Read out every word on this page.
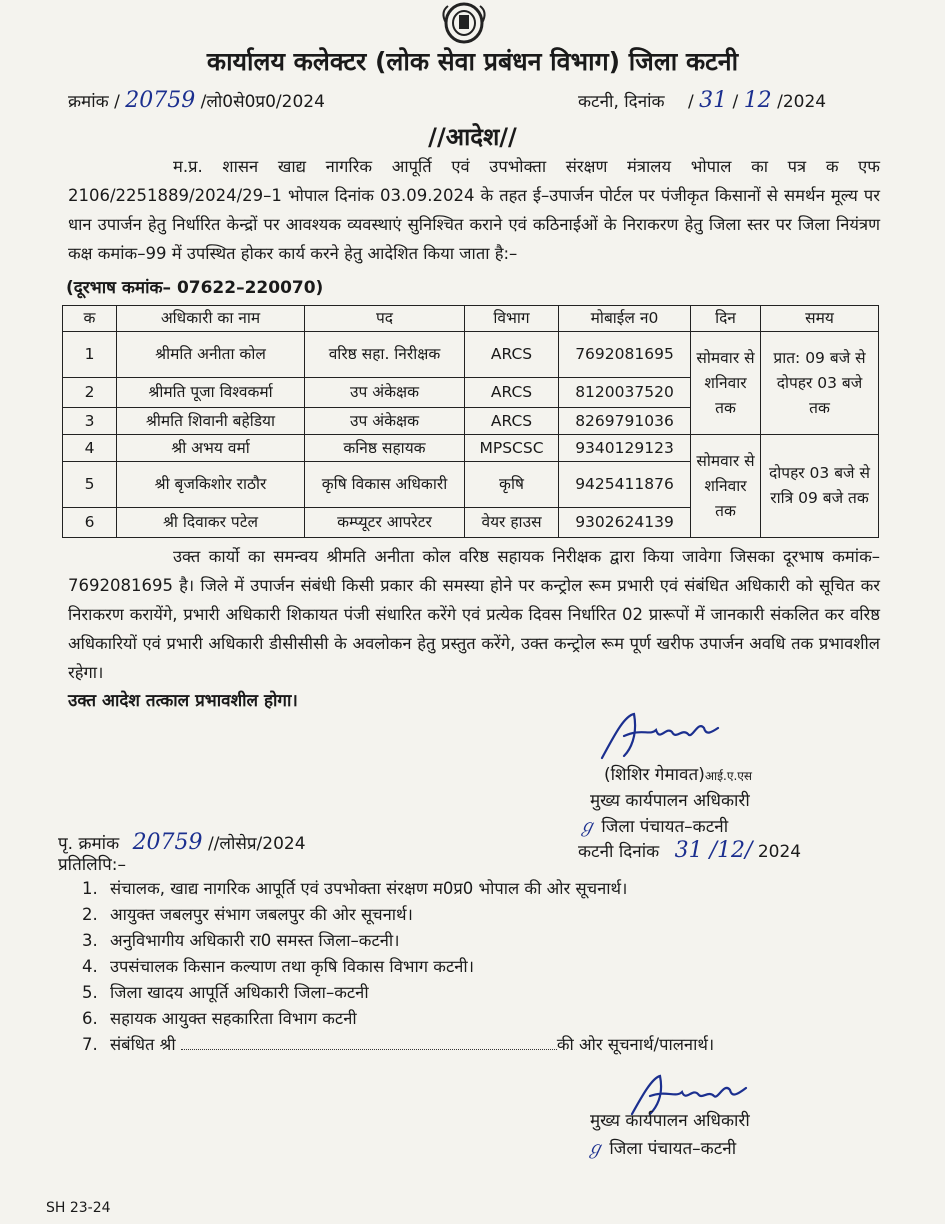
कार्यालय कलेक्टर (लोक सेवा प्रबंधन विभाग) जिला कटनी
क्रमांक / 20759 /लो0से0प्र0/2024	कटनी, दिनांक / 31 / 12 /2024
//आदेश//

म.प्र. शासन खाद्य नागरिक आपूर्ति एवं उपभोक्ता संरक्षण मंत्रालय भोपाल का पत्र क एफ 2106/2251889/2024/29–1 भोपाल दिनांक 03.09.2024 के तहत ई–उपार्जन पोर्टल पर पंजीकृत किसानों से समर्थन मूल्य पर धान उपार्जन हेतु निर्धारित केन्द्रों पर आवश्यक व्यवस्थाएं सुनिश्चित कराने एवं कठिनाईओं के निराकरण हेतु जिला स्तर पर जिला नियंत्रण कक्ष कमांक–99 में उपस्थित होकर कार्य करने हेतु आदेशित किया जाता है:–

(दूरभाष कमांक– 07622–220070)
क	अधिकारी का नाम	पद	विभाग	मोबाईल न0	दिन	समय
1	श्रीमति अनीता कोल	वरिष्ठ सहा. निरीक्षक	ARCS	7692081695	सोमवार से शनिवार तक	प्रात: 09 बजे से दोपहर 03 बजे तक
2	श्रीमति पूजा विश्वकर्मा	उप अंकेक्षक	ARCS	8120037520		
3	श्रीमति शिवानी बहेडिया	उप अंकेक्षक	ARCS	8269791036		
4	श्री अभय वर्मा	कनिष्ठ सहायक	MPSCSC	9340129123	सोमवार से शनिवार तक	दोपहर 03 बजे से रात्रि 09 बजे तक
5	श्री बृजकिशोर राठौर	कृषि विकास अधिकारी	कृषि	9425411876		
6	श्री दिवाकर पटेल	कम्प्यूटर आपरेटर	वेयर हाउस	9302624139		

उक्त कार्यो का समन्वय श्रीमति अनीता कोल वरिष्ठ सहायक निरीक्षक द्वारा किया जावेगा जिसका दूरभाष कमांक–7692081695 है। जिले में उपार्जन संबंधी किसी प्रकार की समस्या होने पर कन्ट्रोल रूम प्रभारी एवं संबंधित अधिकारी को सूचित कर निराकरण करायेंगे, प्रभारी अधिकारी शिकायत पंजी संधारित करेंगे एवं प्रत्येक दिवस निर्धारित 02 प्रारूपों में जानकारी संकलित कर वरिष्ठ अधिकारियों एवं प्रभारी अधिकारी डीसीसीसी के अवलोकन हेतु प्रस्तुत करेंगे, उक्त कन्ट्रोल रूम पूर्ण खरीफ उपार्जन अवधि तक प्रभावशील रहेगा।

उक्त आदेश तत्काल प्रभावशील होगा।
(शिशिर गेमावत)आई.ए.एस
मुख्य कार्यपालन अधिकारी
ℊ जिला पंचायत–कटनी
पृ. क्रमांक 20759 //लोसेप्र/2024	कटनी दिनांक 31 /12/ 2024
प्रतिलिपि:–
1. संचालक, खाद्य नागरिक आपूर्ति एवं उपभोक्ता संरक्षण म0प्र0 भोपाल की ओर सूचनार्थ।
2. आयुक्त जबलपुर संभाग जबलपुर की ओर सूचनार्थ।
3. अनुविभागीय अधिकारी रा0 समस्त जिला–कटनी।
4. उपसंचालक किसान कल्याण तथा कृषि विकास विभाग कटनी।
5. जिला खादय आपूर्ति अधिकारी जिला–कटनी
6. सहायक आयुक्त सहकारिता विभाग कटनी
7. संबंधित श्री	की ओर सूचनार्थ/पालनार्थ।
मुख्य कार्यपालन अधिकारी
ℊ जिला पंचायत–कटनी
SH 23-24
